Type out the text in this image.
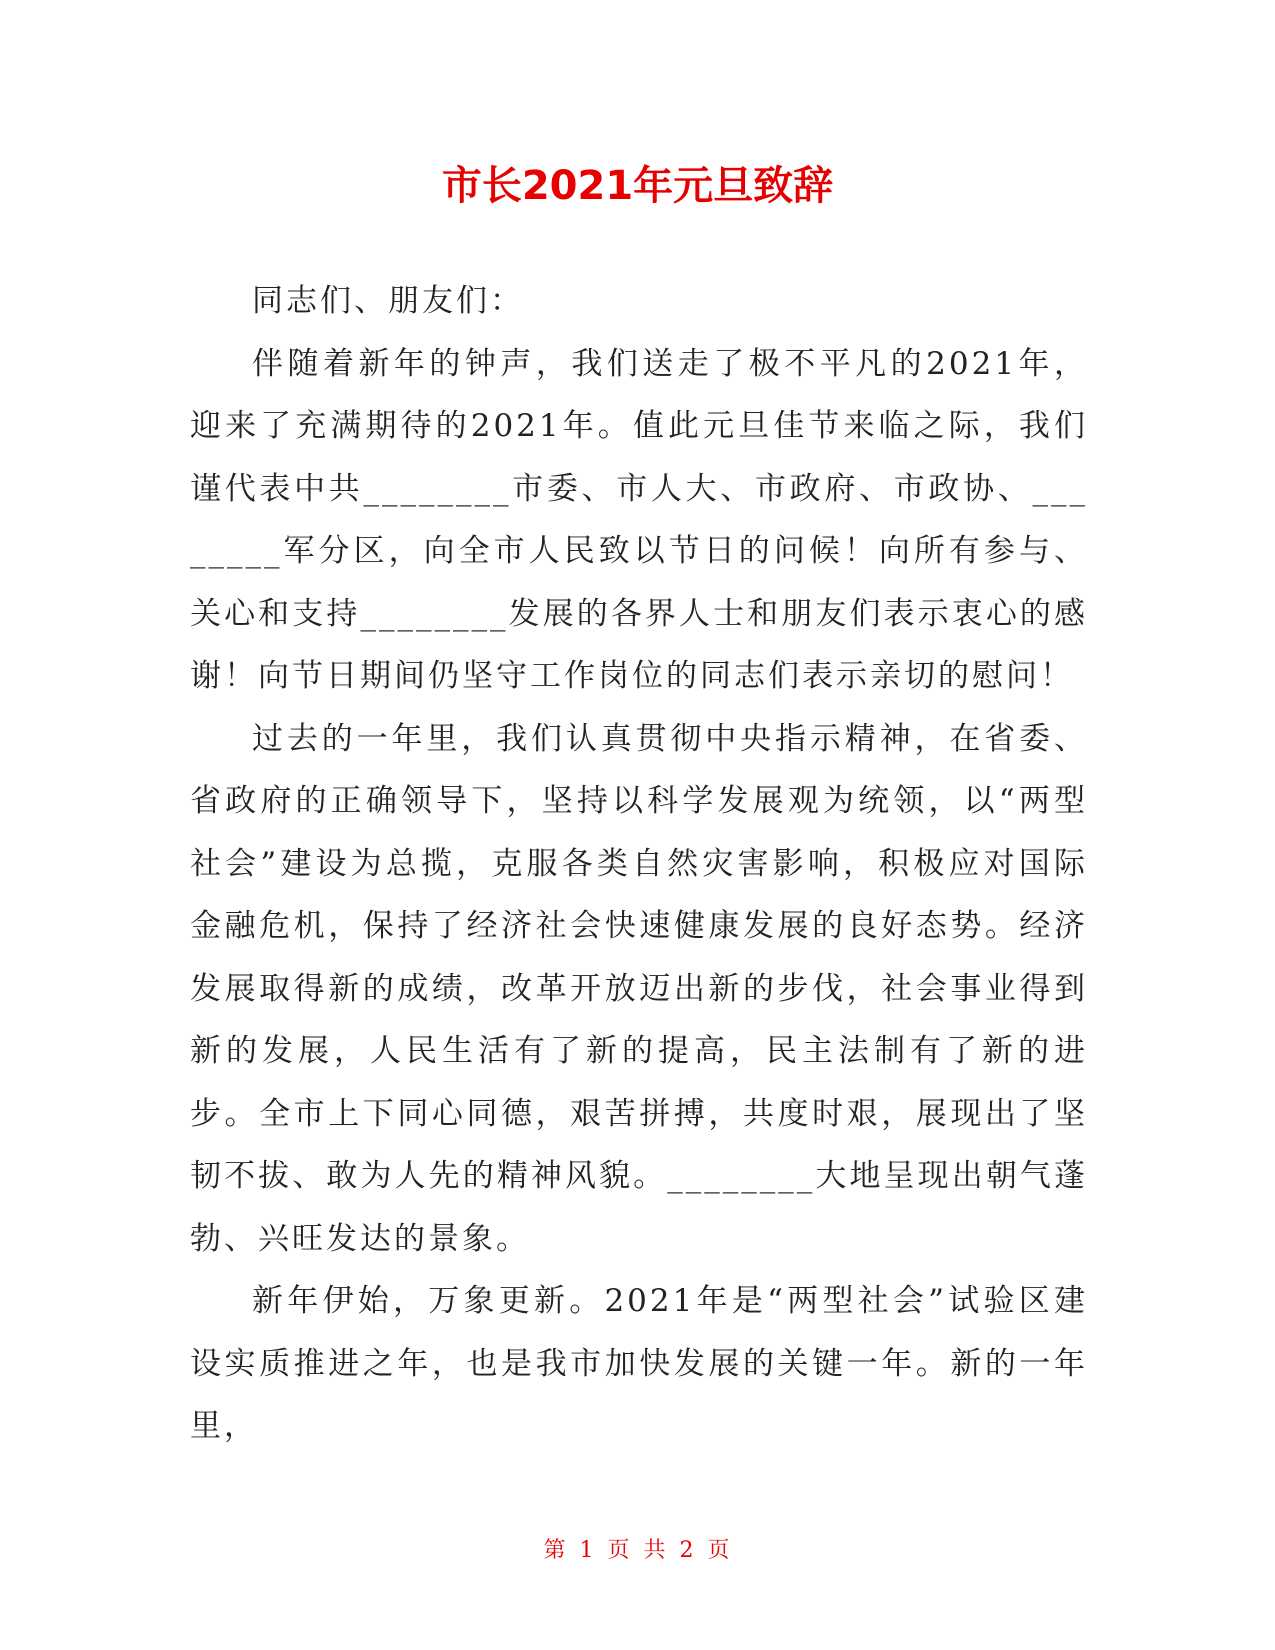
市长2021年元旦致辞

同志们、朋友们：

伴随着新年的钟声，我们送走了极不平凡的2021年，迎来了充满期待的2021年。值此元旦佳节来临之际，我们谨代表中共________市委、市人大、市政府、市政协、________军分区，向全市人民致以节日的问候！向所有参与、关心和支持________发展的各界人士和朋友们表示衷心的感谢！向节日期间仍坚守工作岗位的同志们表示亲切的慰问！

过去的一年里，我们认真贯彻中央指示精神，在省委、省政府的正确领导下，坚持以科学发展观为统领，以“两型社会”建设为总揽，克服各类自然灾害影响，积极应对国际金融危机，保持了经济社会快速健康发展的良好态势。经济发展取得新的成绩，改革开放迈出新的步伐，社会事业得到新的发展，人民生活有了新的提高，民主法制有了新的进步。全市上下同心同德，艰苦拼搏，共度时艰，展现出了坚韧不拔、敢为人先的精神风貌。________大地呈现出朝气蓬勃、兴旺发达的景象。

新年伊始，万象更新。2021年是“两型社会”试验区建设实质推进之年，也是我市加快发展的关键一年。新的一年里，

第 1 页 共 2 页
